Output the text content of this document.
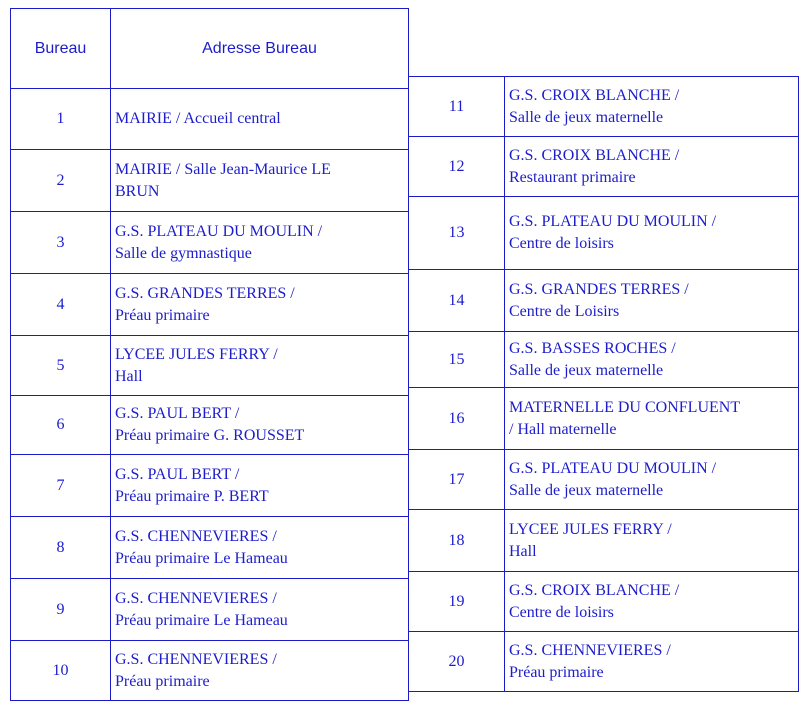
Bureau	Adresse Bureau
1	MAIRIE / Accueil central

2	MAIRIE / Salle Jean-Maurice LE
BRUN

3	G.S. PLATEAU DU MOULIN /
Salle de gymnastique

4	G.S. GRANDES TERRES /
Préau primaire

5	LYCEE JULES FERRY /
Hall

6	G.S. PAUL BERT /
Préau primaire G. ROUSSET

7	G.S. PAUL BERT /
Préau primaire P. BERT

8	G.S. CHENNEVIERES /
Préau primaire Le Hameau

9	G.S. CHENNEVIERES /
Préau primaire Le Hameau

10	G.S. CHENNEVIERES /
Préau primaire
11	G.S. CROIX BLANCHE /
Salle de jeux maternelle

12	G.S. CROIX BLANCHE /
Restaurant primaire

13	G.S. PLATEAU DU MOULIN /
Centre de loisirs

14	G.S. GRANDES TERRES /
Centre de Loisirs

15	G.S. BASSES ROCHES /
Salle de jeux maternelle

16	MATERNELLE DU CONFLUENT
/ Hall maternelle

17	G.S. PLATEAU DU MOULIN /
Salle de jeux maternelle

18	LYCEE JULES FERRY /
Hall

19	G.S. CROIX BLANCHE /
Centre de loisirs

20	G.S. CHENNEVIERES /
Préau primaire
